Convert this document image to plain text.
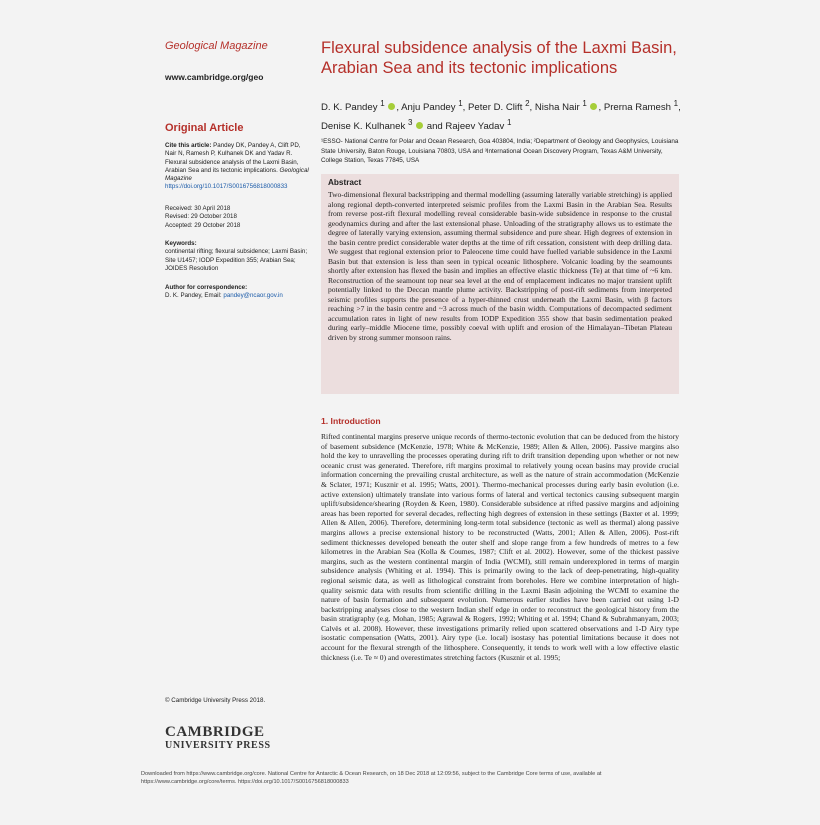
Geological Magazine
www.cambridge.org/geo
Original Article
Cite this article: Pandey DK, Pandey A, Clift PD, Nair N, Ramesh P, Kulhanek DK and Yadav R. Flexural subsidence analysis of the Laxmi Basin, Arabian Sea and its tectonic implications. Geological Magazine
https://doi.org/10.1017/S0016756818000833
Received: 30 April 2018
Revised: 29 October 2018
Accepted: 29 October 2018
Keywords:
continental rifting; flexural subsidence; Laxmi Basin; Site U1457; IODP Expedition 355; Arabian Sea; JOIDES Resolution
Author for correspondence:
D. K. Pandey, Email: pandey@ncaor.gov.in
© Cambridge University Press 2018.
CAMBRIDGE
UNIVERSITY PRESS
Flexural subsidence analysis of the Laxmi Basin, Arabian Sea and its tectonic implications
D. K. Pandey $^1$ , Anju Pandey $^1$, Peter D. Clift $^2$, Nisha Nair $^1$ , Prerna Ramesh $^1$, Denise K. Kulhanek $^3$ and Rajeev Yadav $^1$
¹ESSO- National Centre for Polar and Ocean Research, Goa 403804, India; ²Department of Geology and Geophysics, Louisiana State University, Baton Rouge, Louisiana 70803, USA and ³International Ocean Discovery Program, Texas A&M University, College Station, Texas 77845, USA
Abstract
Two-dimensional flexural backstripping and thermal modelling (assuming laterally variable stretching) is applied along regional depth-converted interpreted seismic profiles from the Laxmi Basin in the Arabian Sea. Results from reverse post-rift flexural modelling reveal considerable basin-wide subsidence in response to the crustal geodynamics during and after the last extensional phase. Unloading of the stratigraphy allows us to estimate the degree of laterally varying extension, assuming thermal subsidence and pure shear. High degrees of extension in the basin centre predict considerable water depths at the time of rift cessation, consistent with deep drilling data. We suggest that regional extension prior to Paleocene time could have fuelled variable subsidence in the Laxmi Basin but that extension is less than seen in typical oceanic lithosphere. Volcanic loading by the seamounts shortly after extension has flexed the basin and implies an effective elastic thickness (Te) at that time of ~6 km. Reconstruction of the seamount top near sea level at the end of emplacement indicates no major transient uplift potentially linked to the Deccan mantle plume activity. Backstripping of post-rift sediments from interpreted seismic profiles supports the presence of a hyper-thinned crust underneath the Laxmi Basin, with β factors reaching >7 in the basin centre and ~3 across much of the basin width. Computations of decompacted sediment accumulation rates in light of new results from IODP Expedition 355 show that basin sedimentation peaked during early–middle Miocene time, possibly coeval with uplift and erosion of the Himalayan–Tibetan Plateau driven by strong summer monsoon rains.
1. Introduction
Rifted continental margins preserve unique records of thermo-tectonic evolution that can be deduced from the history of basement subsidence (McKenzie, 1978; White & McKenzie, 1989; Allen & Allen, 2006). Passive margins also hold the key to unravelling the processes operating during rift to drift transition depending upon whether or not new oceanic crust was generated. Therefore, rift margins proximal to relatively young ocean basins may provide crucial information concerning the prevailing crustal architecture, as well as the nature of strain accommodation (McKenzie & Sclater, 1971; Kusznir et al. 1995; Watts, 2001). Thermo-mechanical processes during early basin evolution (i.e. active extension) ultimately translate into various forms of lateral and vertical tectonics causing subsequent margin uplift/subsidence/shearing (Royden & Keen, 1980). Considerable subsidence at rifted passive margins and adjoining areas has been reported for several decades, reflecting high degrees of extension in these settings (Baxter et al. 1999; Allen & Allen, 2006). Therefore, determining long-term total subsidence (tectonic as well as thermal) along passive margins allows a precise extensional history to be reconstructed (Watts, 2001; Allen & Allen, 2006). Post-rift sediment thicknesses developed beneath the outer shelf and slope range from a few hundreds of metres to a few kilometres in the Arabian Sea (Kolla & Coumes, 1987; Clift et al. 2002). However, some of the thickest passive margins, such as the western continental margin of India (WCMI), still remain underexplored in terms of margin subsidence analysis (Whiting et al. 1994). This is primarily owing to the lack of deep-penetrating, high-quality regional seismic data, as well as lithological constraint from boreholes. Here we combine interpretation of high-quality seismic data with results from scientific drilling in the Laxmi Basin adjoining the WCMI to examine the nature of basin formation and subsequent evolution. Numerous earlier studies have been carried out using 1-D backstripping analyses close to the western Indian shelf edge in order to reconstruct the geological history from the basin stratigraphy (e.g. Mohan, 1985; Agrawal & Rogers, 1992; Whiting et al. 1994; Chand & Subrahmanyam, 2003; Calvès et al. 2008). However, these investigations primarily relied upon scattered observations and 1-D Airy type isostatic compensation (Watts, 2001). Airy type (i.e. local) isostasy has potential limitations because it does not account for the flexural strength of the lithosphere. Consequently, it tends to work well with a low effective elastic thickness (i.e. Te ≈ 0) and overestimates stretching factors (Kusznir et al. 1995;
Downloaded from https://www.cambridge.org/core. National Centre for Antarctic & Ocean Research, on 18 Dec 2018 at 12:09:56, subject to the Cambridge Core terms of use, available at https://www.cambridge.org/core/terms. https://doi.org/10.1017/S0016756818000833
